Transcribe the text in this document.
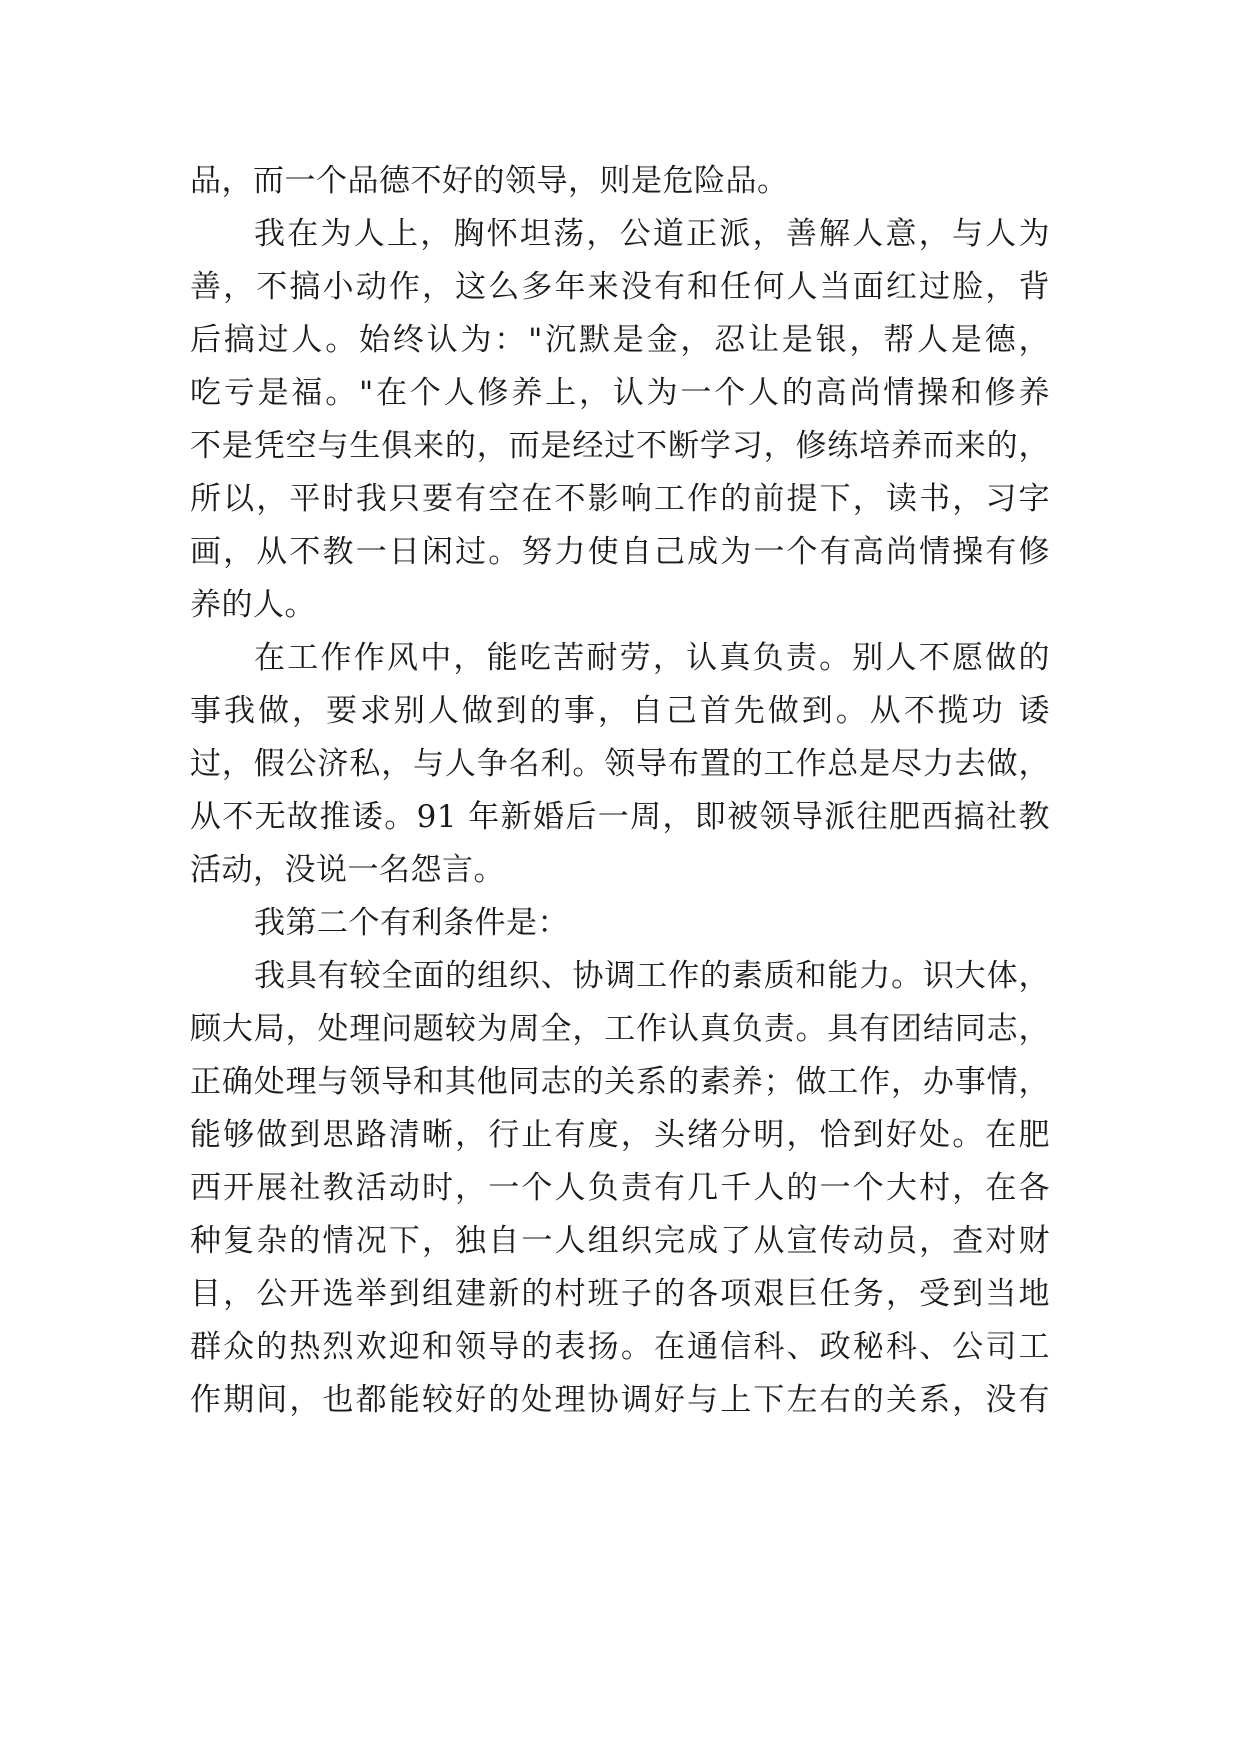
品，而一个品德不好的领导，则是危险品。
我在为人上，胸怀坦荡，公道正派，善解人意，与人为
善，不搞小动作，这么多年来没有和任何人当面红过脸，背
后搞过人。始终认为："沉默是金，忍让是银，帮人是德，
吃亏是福。"在个人修养上，认为一个人的高尚情操和修养
不是凭空与生俱来的，而是经过不断学习，修练培养而来的，
所以，平时我只要有空在不影响工作的前提下，读书，习字
画，从不教一日闲过。努力使自己成为一个有高尚情操有修
养的人。
在工作作风中，能吃苦耐劳，认真负责。别人不愿做的
事我做，要求别人做到的事，自己首先做到。从不揽功 诿
过，假公济私，与人争名利。领导布置的工作总是尽力去做，
从不无故推诿。91 年新婚后一周，即被领导派往肥西搞社教
活动，没说一名怨言。
我第二个有利条件是：
我具有较全面的组织、协调工作的素质和能力。识大体，
顾大局，处理问题较为周全，工作认真负责。具有团结同志，
正确处理与领导和其他同志的关系的素养；做工作，办事情，
能够做到思路清晰，行止有度，头绪分明，恰到好处。在肥
西开展社教活动时，一个人负责有几千人的一个大村，在各
种复杂的情况下，独自一人组织完成了从宣传动员，查对财
目，公开选举到组建新的村班子的各项艰巨任务，受到当地
群众的热烈欢迎和领导的表扬。在通信科、政秘科、公司工
作期间，也都能较好的处理协调好与上下左右的关系，没有
